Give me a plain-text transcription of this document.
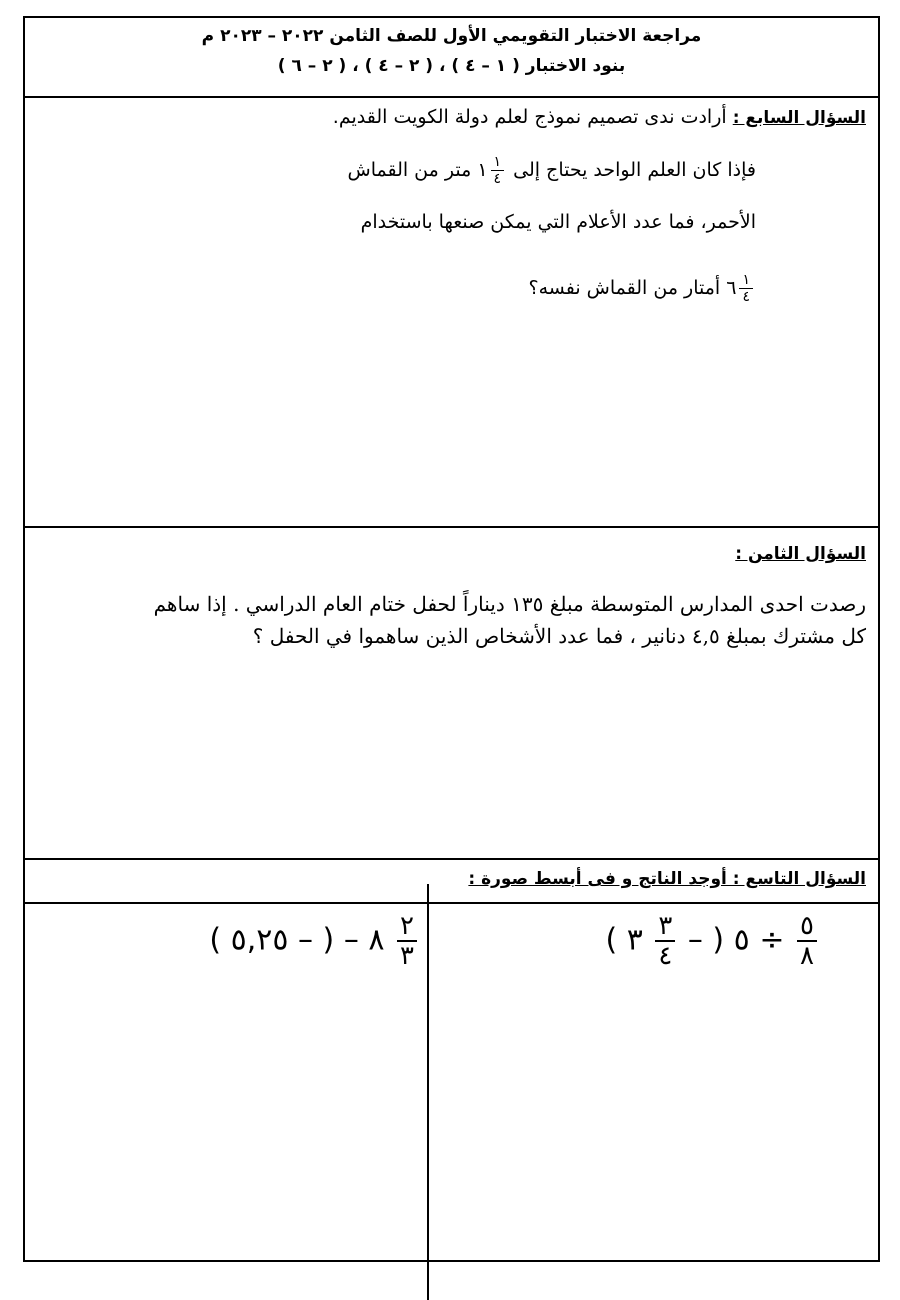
مراجعة الاختبار التقويمي الأول للصف الثامن ٢٠٢٢ – ٢٠٢٣ م
بنود الاختبار ( ١ – ٤ ) ، ( ٢ – ٤ ) ، ( ٢ – ٦ )
السؤال السابع : أرادت ندى تصميم نموذج لعلم دولة الكويت القديم.
فإذا كان العلم الواحد يحتاج إلى
$\frac{١}{٤}$
١ متر من القماش
الأحمر، فما عدد الأعلام التي يمكن صنعها باستخدام
$\frac{١}{٤}$
٦ أمتار من القماش نفسه؟
السؤال الثامن :
رصدت احدى المدارس المتوسطة مبلغ ١٣٥ ديناراً لحفل ختام العام الدراسي . إذا ساهم
كل مشترك بمبلغ ٤,٥ دنانير ، فما عدد الأشخاص الذين ساهموا في الحفل ؟
السؤال التاسع : أوجد الناتج و فى أبسط صورة :
$\frac{٥}{٨}$
÷ ٥ ( –
$\frac{٣}{٤}$
٣ )
$\frac{٢}{٣}$
٨ – ( – ٥,٢٥ )
